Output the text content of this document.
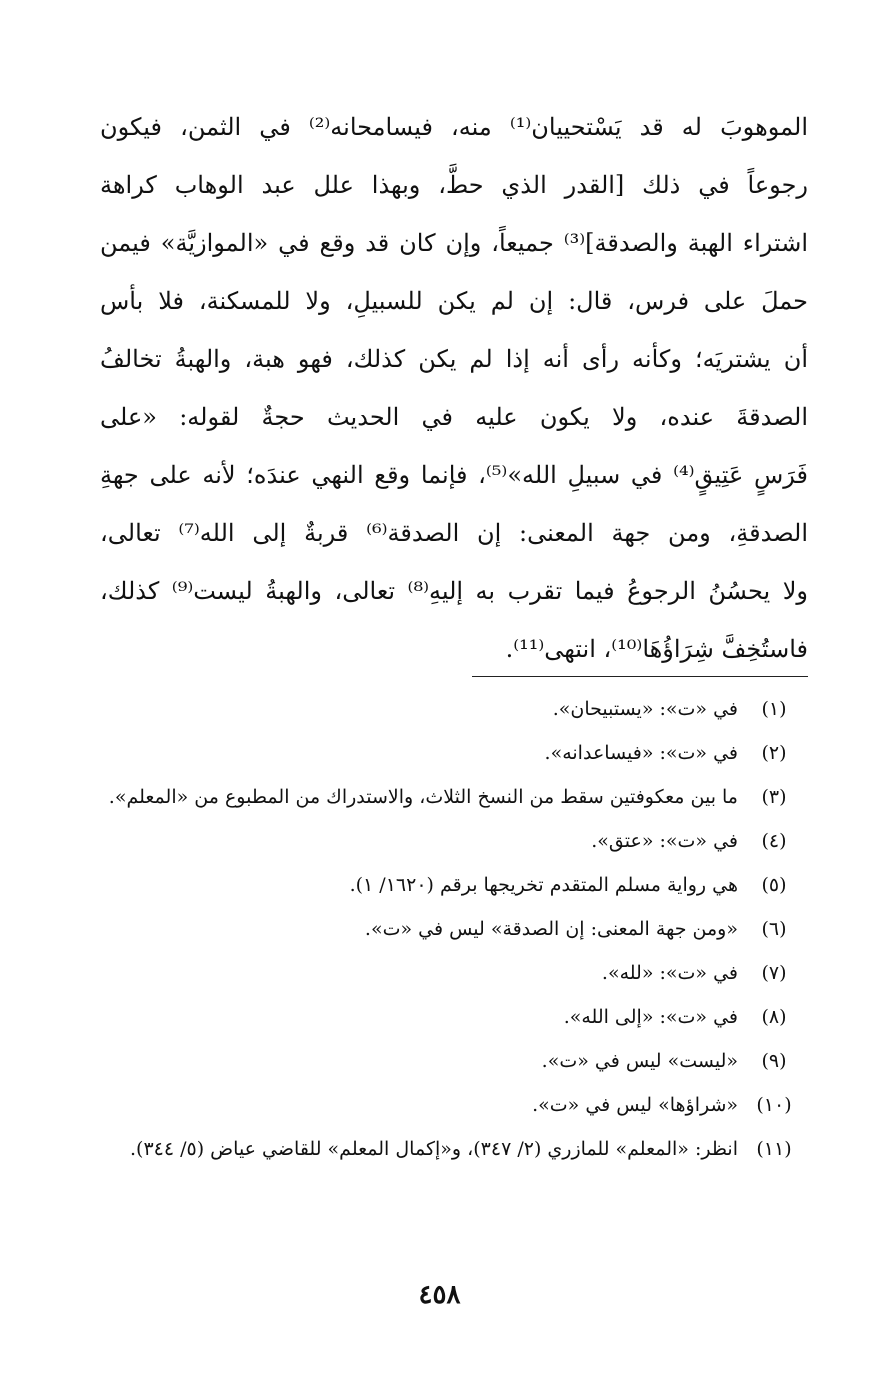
الموهوبَ له قد يَسْتحييان⁽¹⁾ منه، فيسامحانه⁽²⁾ في الثمن، فيكون
رجوعاً في ذلك [القدر الذي حطَّ، وبهذا علل عبد الوهاب كراهة
اشتراء الهبة والصدقة]⁽³⁾ جميعاً، وإن كان قد وقع في «الموازيَّة» فيمن
حملَ على فرس، قال: إن لم يكن للسبيلِ، ولا للمسكنة، فلا بأس
أن يشتريَه؛ وكأنه رأى أنه إذا لم يكن كذلك، فهو هبة، والهبةُ تخالفُ
الصدقةَ عنده، ولا يكون عليه في الحديث حجةٌ لقوله: «على
فَرَسٍ عَتِيقٍ⁽⁴⁾ في سبيلِ الله»⁽⁵⁾، فإنما وقع النهي عندَه؛ لأنه على جهةِ
الصدقةِ، ومن جهة المعنى: إن الصدقة⁽⁶⁾ قربةٌ إلى الله⁽⁷⁾ تعالى،
ولا يحسُنُ الرجوعُ فيما تقرب به إليهِ⁽⁸⁾ تعالى، والهبةُ ليست⁽⁹⁾ كذلك،
فاستُخِفَّ شِرَاؤُهَا⁽¹⁰⁾، انتهى⁽¹¹⁾.
(١)
في «ت»: «يستبيحان».
(٢)
في «ت»: «فيساعدانه».
(٣)
ما بين معكوفتين سقط من النسخ الثلاث، والاستدراك من المطبوع من «المعلم».
(٤)
في «ت»: «عتق».
(٥)
هي رواية مسلم المتقدم تخريجها برقم (١٦٢٠/ ١).
(٦)
«ومن جهة المعنى: إن الصدقة» ليس في «ت».
(٧)
في «ت»: «لله».
(٨)
في «ت»: «إلى الله».
(٩)
«ليست» ليس في «ت».
(١٠)
«شراؤها» ليس في «ت».
(١١)
انظر: «المعلم» للمازري (٢/ ٣٤٧)، و«إكمال المعلم» للقاضي عياض (٥/ ٣٤٤).
٤٥٨
